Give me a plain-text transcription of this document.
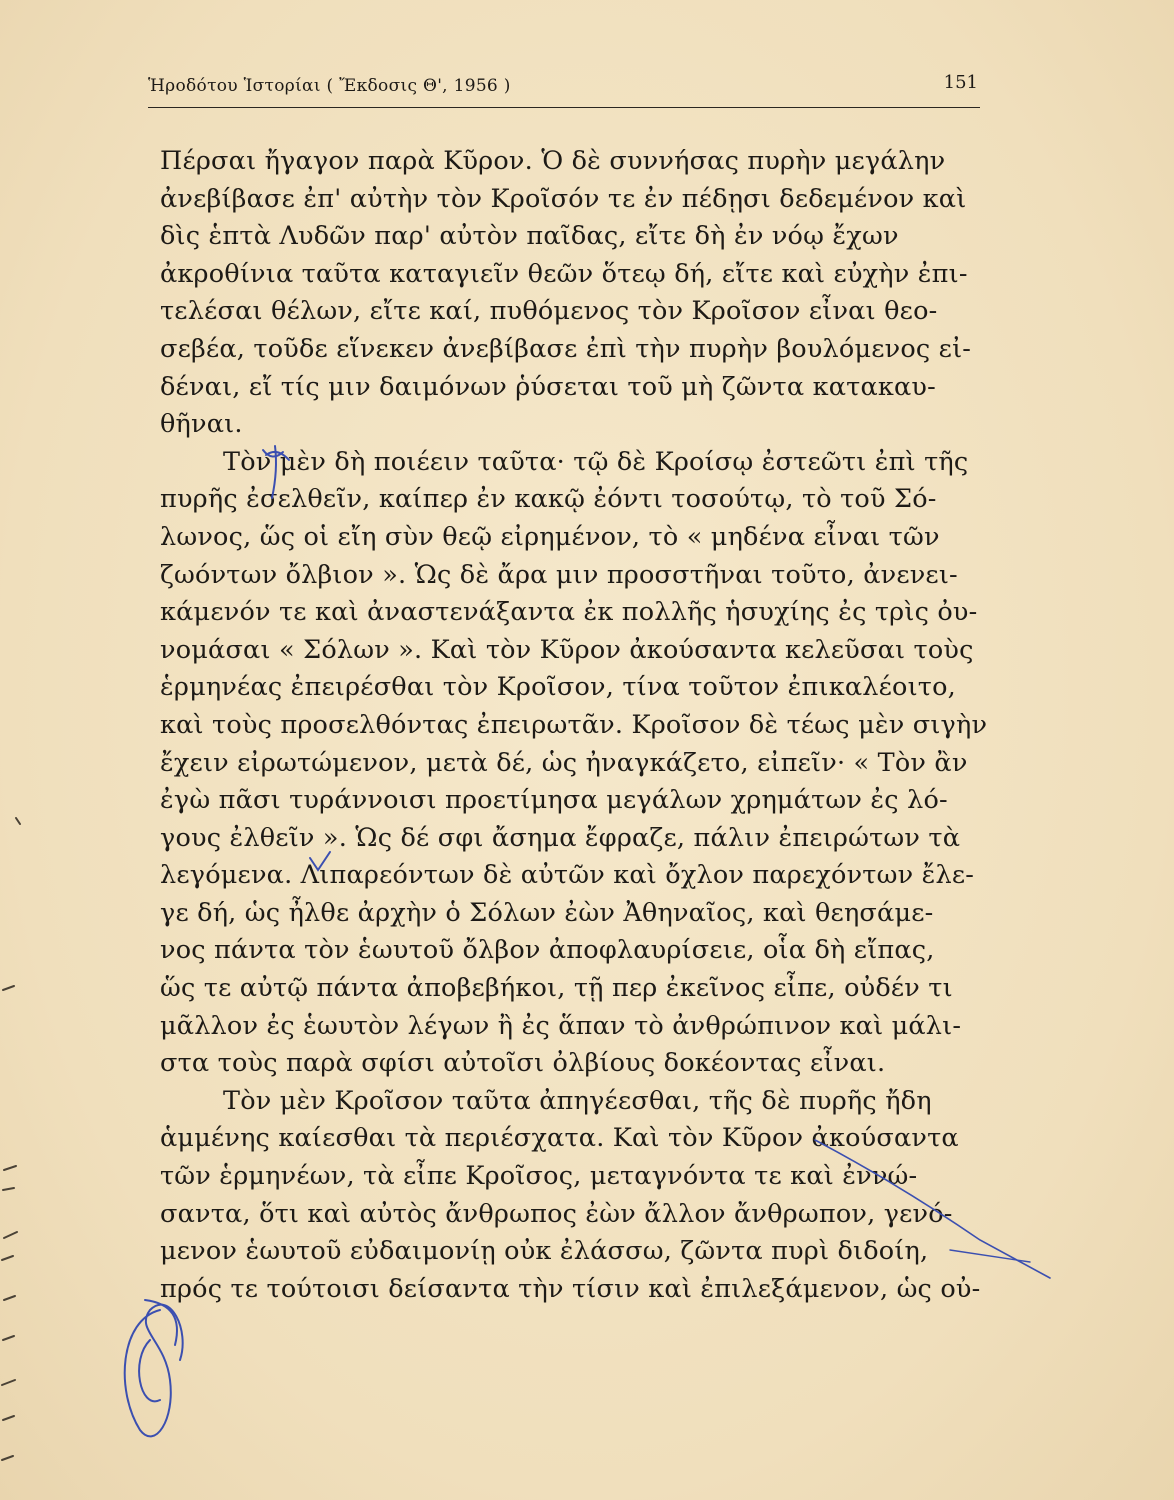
Ἡροδότου Ἱστορίαι ( Ἔκδοσις Θ', 1956 )	151
Πέρσαι ἤγαγον παρὰ Κῦρον. Ὁ δὲ συννήσας πυρὴν μεγάλην
ἀνεβίβασε ἐπ' αὐτὴν τὸν Κροῖσόν τε ἐν πέδῃσι δεδεμένον καὶ
δὶς ἑπτὰ Λυδῶν παρ' αὐτὸν παῖδας, εἴτε δὴ ἐν νόῳ ἔχων
ἀκροθίνια ταῦτα καταγιεῖν θεῶν ὅτεῳ δή, εἴτε καὶ εὐχὴν ἐπι-
τελέσαι θέλων, εἴτε καί, πυθόμενος τὸν Κροῖσον εἶναι θεο-
σεβέα, τοῦδε εἵνεκεν ἀνεβίβασε ἐπὶ τὴν πυρὴν βουλόμενος εἰ-
δέναι, εἴ τίς μιν δαιμόνων ῥύσεται τοῦ μὴ ζῶντα κατακαυ-
θῆναι.
Τὸν μὲν δὴ ποιέειν ταῦτα· τῷ δὲ Κροίσῳ ἐστεῶτι ἐπὶ τῆς
πυρῆς ἐσελθεῖν, καίπερ ἐν κακῷ ἐόντι τοσούτῳ, τὸ τοῦ Σό-
λωνος, ὥς οἱ εἴη σὺν θεῷ εἰρημένον, τὸ « μηδένα εἶναι τῶν
ζωόντων ὄλβιον ». Ὡς δὲ ἄρα μιν προσστῆναι τοῦτο, ἀνενει-
κάμενόν τε καὶ ἀναστενάξαντα ἐκ πολλῆς ἡσυχίης ἐς τρὶς ὀυ-
νομάσαι « Σόλων ». Καὶ τὸν Κῦρον ἀκούσαντα κελεῦσαι τοὺς
ἑρμηνέας ἐπειρέσθαι τὸν Κροῖσον, τίνα τοῦτον ἐπικαλέοιτο,
καὶ τοὺς προσελθόντας ἐπειρωτᾶν. Κροῖσον δὲ τέως μὲν σιγὴν
ἔχειν εἰρωτώμενον, μετὰ δέ, ὡς ἠναγκάζετο, εἰπεῖν· « Τὸν ἂν
ἐγὼ πᾶσι τυράννοισι προετίμησα μεγάλων χρημάτων ἐς λό-
γους ἐλθεῖν ». Ὡς δέ σφι ἄσημα ἔφραζε, πάλιν ἐπειρώτων τὰ
λεγόμενα. Λιπαρεόντων δὲ αὐτῶν καὶ ὄχλον παρεχόντων ἔλε-
γε δή, ὡς ἦλθε ἀρχὴν ὁ Σόλων ἐὼν Ἀθηναῖος, καὶ θεησάμε-
νος πάντα τὸν ἑωυτοῦ ὄλβον ἀποφλαυρίσειε, οἷα δὴ εἴπας,
ὥς τε αὐτῷ πάντα ἀποβεβήκοι, τῇ περ ἐκεῖνος εἶπε, οὐδέν τι
μᾶλλον ἐς ἑωυτὸν λέγων ἢ ἐς ἅπαν τὸ ἀνθρώπινον καὶ μάλι-
στα τοὺς παρὰ σφίσι αὐτοῖσι ὀλβίους δοκέοντας εἶναι.
Τὸν μὲν Κροῖσον ταῦτα ἀπηγέεσθαι, τῆς δὲ πυρῆς ἤδη
ἁμμένης καίεσθαι τὰ περιέσχατα. Καὶ τὸν Κῦρον ἀκούσαντα
τῶν ἑρμηνέων, τὰ εἶπε Κροῖσος, μεταγνόντα τε καὶ ἐννώ-
σαντα, ὅτι καὶ αὐτὸς ἄνθρωπος ἐὼν ἄλλον ἄνθρωπον, γενό-
μενον ἑωυτοῦ εὐδαιμονίῃ οὐκ ἐλάσσω, ζῶντα πυρὶ διδοίη,
πρός τε τούτοισι δείσαντα τὴν τίσιν καὶ ἐπιλεξάμενον, ὡς οὐ-
